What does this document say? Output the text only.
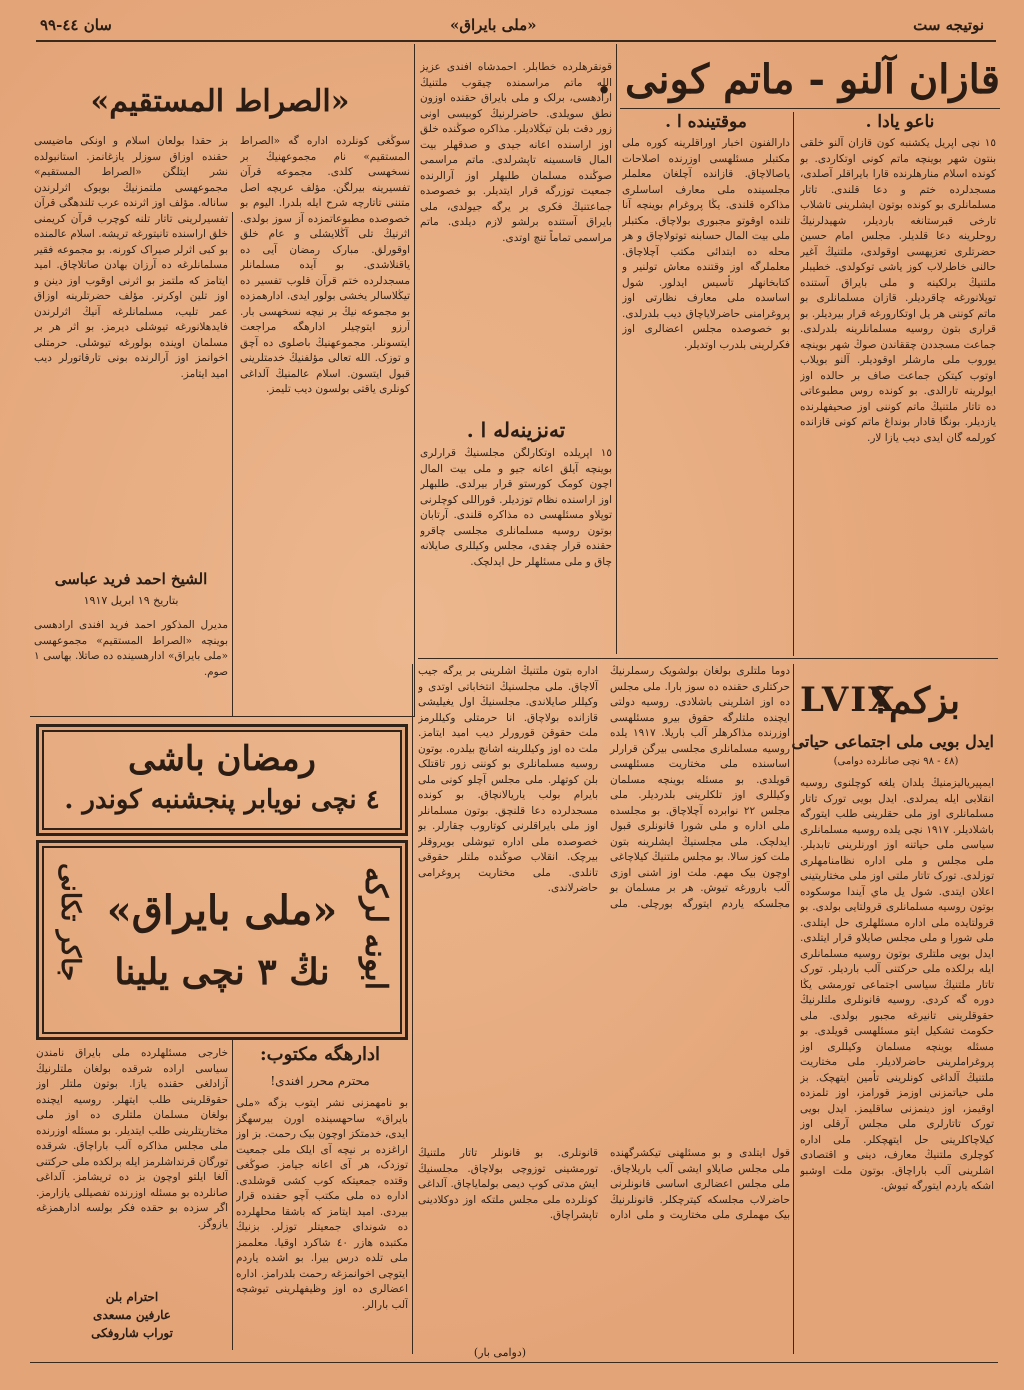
سان ٤٤-٩٩	«ملی بایراق»	نوتیجه ست
قازان آلنو - ماتم کونی .
ناعو یادا .
١٥ نچی اپریل یکشنبه کون قازان آلنو خلقی بنتون شهر بوینچه ماتم کونی اوتکاردی. بو کونده اسلام منارهلرنده قارا بایراقلر آصلدی، مسجدلرده ختم و دعا قلندی. تاتار مسلمانلری بو کونده بوتون ایشلرینی تاشلاب تارخی قبرستانغه باردیلر، شهیدلرنیڭ روحلرینه دعا قلدیلر. مجلس امام حسین حضرتلری تعزیهسی اوقولدی، ملتنیڭ آغیر حالنی خاطرلاب کوز یاشی توکولدی. خطیبلر ملتنیڭ برلکینه و ملی بایراق آستنده توپلانورغه چاقردیلر. قازان مسلمانلری بو ماتم کوننی هر یل اوتکارورغه قرار بیردیلر. بو قراری بتون روسیه مسلمانلرینه بلدرلدی. جماعت مسجددن چققاندن صوڭ شهر بوینچه یوروب ملی مارشلر اوقودیلر. آلنو بویلاب اوتوب کیتکن جماعت صاف بر حالده اوز ایولرینه تارالدی. بو کونده روس مطبوعاتی ده تاتار ملتنیڭ ماتم کوننی اوز صحیفهلرنده یازدیلر. بونگا قادار بونداغ ماتم کونی قازانده کورلمه گان ایدی دیب یازا لار.
موقتینده ا .
دارالفنون اخبار اوراقلرینه کوره ملی مکتبلر مسئلهسی اوزرنده اصلاحات یاصالاچاق. قازانده آچلغان معلملر مجلسینده ملی معارف اساسلری مذاکره قلندی. یڭا پروغرام بوینچه آنا تلنده اوقوتو مجبوری بولاچاق. مکتبلر ملی بیت المال حسابنه توتولاچاق و هر محله ده ابتدائی مکتب آچلاچاق. معلملرگه اوز وقتنده معاش تولنیر و کتابخانهلر تأسیس ایدلور. شول اساسده ملی معارف نظارتی اوز پروغرامنی حاضرلایاچاق دیب بلدرلدی. بو خصوصده مجلس اعضالری اوز فکرلرینی بلدرب اوتدیلر.
قونقرهلرده خطابلر. احمدشاه افندی عزیز الله ماتم مراسمنده چیقوب ملتنیڭ ارادهسی، برلک و ملی بایراق حقنده اوزون نطق سویلدی. حاضرلرنیڭ کوبیسی اونی زور دقت بلن تیڭلادیلر. مذاکره صوڭنده خلق اوز اراسنده اعانه جیدی و صدقهلر بیت المال قاسسینه تاپشرلدی. ماتم مراسمی صوڭنده مسلمان طلبهلر اوز آرالرنده جمعیت توزرگه قرار ایتدیلر. بو خصوصده جماعتنیڭ فکری بر یرگه جیولدی، ملی بایراق آستنده برلشو لازم دیلدی. ماتم مراسمی تماماً تنچ اوتدی.
تەنزینەلە ا .
١٥ اپریلده اوتکارلگن مجلسنیڭ قرارلری بوینچه آیلق اعانه جیو و ملی بیت المال اچون کومک کورستو قرار بیرلدی. طلبهلر اوز اراسنده نظام توزدیلر. قوراللی کوچلرنی توپلاو مسئلهسی ده مذاکره قلندی. آرتابان بوتون روسیه مسلمانلری مجلسی چاقرو حقنده قرار چقدی، مجلس وکیللری صایلانه چاق و ملی مسئلهلر حل ایدلچک.
«الصراط المستقیم»
سوڭغی کونلرده اداره گه «الصراط المستقیم» نام مجموعهنیڭ بر نسخهسی کلدی. مجموعه قرآن تفسیرینه بیرلگن. مؤلف عربچه اصل متننی تاتارچه شرح ایله بلدرا. الیوم بو خصوصده مطبوعاتمزده آز سوز بولدی. اثرنیڭ تلی آڭلایشلی و عام خلق اوقورلق. مبارک رمضان آیی ده یاقنلاشدی. بو آیده مسلمانلر مسجدلرده ختم قرآن قلوب تفسیر ده تیڭلاسالر یخشی بولور ایدی. ادارهمزده بو مجموعه نیڭ بر نیچه نسخهسی بار. آرزو ایتوچیلر ادارهگه مراجعت ایتسونلر. مجموعهنیڭ باصلوی ده آچق و توزک. الله تعالی مؤلفنیڭ خدمتلرینی قبول ایتسون. اسلام عالمنیڭ آلداغی کونلری یاقتی بولسون دیب تلیمز.
بز حقدا بولعان اسلام و اونکی ماضیسی حقنده اوزاق سوزلر یازغانمز. استانبولده نشر ایتلگن «الصراط المستقیم» مجموعهسی ملتمزنیڭ بویوک اثرلرندن ساناله. مؤلف اوز اثرنده عرب تلندهگی قرآن تفسیرلرینی تاتار تلنه کوچرب قرآن کریمنی خلق اراسنده تانیتورغه تریشه. اسلام عالمنده بو کبی اثرلر صیراک کورنه. بو مجموعه فقیر مسلمانلرغه ده آرزان بهادن صاتلاچاق. امید ایتامز که ملتمز بو اثرنی اوقوب اوز دینن و اوز تلین اوکرنر. مؤلف حضرتلرینه اوزاق عمر تلیب، مسلمانلرغه آنیڭ اثرلرندن فایدهلانورغه تیوشلی دیرمز. بو اثر هر بر مسلمان اوینده بولورغه تیوشلی. حرمتلی اخوانمز اوز آرالرنده بونی تارقاتورلر دیب امید ایتامز.
الشیخ احمد فرید عباسی
بتاریخ ۱۹ ابریل ۱۹۱۷
مدیرل المذکور احمد فرید افندی ارادهسی بوینچه «الصراط المستقیم» مجموعهسی «ملی بایراق» ادارهسینده ده صاتلا. بهاسی ١ صوم.
رمضان باشی
٤ نچی نویابر پنجشنبه کوندر .
ابونه لرکه
«ملی بایراق»
نڭ ٣ نچی یلینا
جاکر تکانی
خارجی مسئلهلرده ملی بایراق نامندن سیاسی اراده شرقده بولغان ملتلرنیڭ آزادلغی حقنده یازا. بوتون ملتلر اوز حقوقلرینی طلب ایتهلر. روسیه ایچنده بولغان مسلمان ملتلری ده اوز ملی مختاریتلرینی طلب ایتدیلر. بو مسئله اوزرنده ملی مجلس مذاکره آلب باراچاق. شرقده تورگان قرنداشلرمز ایله برلکده ملی حرکتنی آلغا ایلتو اوچون بز ده تریشامز. آلداغی صانلرده بو مسئله اوزرنده تفصیللی یازارمز. اگر سزده بو حقده فکر بولسه ادارهمزغه یازوگز.
احترام بلن
عارفین مسعدی
توراب شاروفکی
ادارهگه مکتوب:
محترم محرر افندی!
بو نامهمزنی نشر ایتوب بزگه «ملی بایراق» ساحهسینده اورن بیرسهگز ایدی، خدمتکز اوچون بیک رحمت. بز اوز اراغزده بر نیچه آی ایلک ملی جمعیت توزدک، هر آی اعانه جیامز. صوڭغی وقتده جمعیتکه کوب کشی قوشلدی. اداره ده ملی مکتب آچو حقنده قرار بیردی. امید ایتامز که باشقا محلهلرده ده شوندای جمعیتلر توزلر. بزنیڭ مکتبده هازر ٤٠ شاکرد اوقیا. معلممز ملی تلده درس بیرا. بو اشده یاردم ایتوچی اخوانمزغه رحمت بلدرامز. اداره اعضالری ده اوز وظیفهلرینی تیوشچه آلب بارالر.
دوما ملتلری بولغان بولشویک رسملرنیڭ حرکتلری حقنده ده سوز بارا. ملی مجلس ده اوز اشلرینی باشلادی. روسیه دولتی ایچنده ملتلرگه حقوق بیرو مسئلهسی اوزرنده مذاکرهلر آلب باریلا. ١٩١٧ یلده روسیه مسلمانلری مجلسی بیرگن قرارلر اساسنده ملی مختاریت مسئلهسی قویلدی. بو مسئله بوینچه مسلمان وکیللری اوز تلکلرینی بلدردیلر. ملی مجلس ٢٢ نوابرده آچلاچاق. بو مجلسده ملی اداره و ملی شورا قانونلری قبول ایدلچک. ملی مجلسنیڭ ایشلرینه بتون ملت کوز سالا. بو مجلس ملتنیڭ کیلاچاغی اوچون بیک مهم. ملت اوز اشنی اوزی آلب بارورغه تیوش. هر بر مسلمان بو مجلسکه یاردم ایتورگه بورچلی. ملی اداره بتون ملتنیڭ اشلرینی بر یرگه جیب آلاچاق. ملی مجلسنیڭ انتخاباتی اوتدی و وکیللر صایلاندی. مجلسنیڭ اول یغیلیشی قازانده بولاچاق. انا حرمتلی وکیللرمز ملت حقوقن قورورلر دیب امید ایتامز. ملت ده اوز وکیللرینه اشانچ بیلدره. بوتون روسیه مسلمانلری بو کوننی زور تاقتلک بلن کوتهلر. ملی مجلس آچلو کونی ملی بایرام بولب یاریالانچاق. بو کونده مسجدلرده دعا قلنچق. بوتون مسلمانلر اوز ملی بایراقلرنی کوتاروب چقارلر. بو خصوصده ملی اداره تیوشلی بویروقلر بیرچک. انقلاب صوڭنده ملتلر حقوقی تانلدی. ملی مختاریت پروغرامی حاضرلاندی.
قول ایتلدی و بو مسئلهنی تیکشرگهنده ملی مجلس صایلاو ایشی آلب باریلاچاق. ملی مجلس اعضالری اساسی قانونلرنی حاضرلاب مجلسکه کیترچکلر. قانونلرنیڭ بیک مهملری ملی مختاریت و ملی اداره قانونلری. بو قانونلر تاتار ملتنیڭ تورمشینی توزوچی بولاچاق. مجلسنیڭ ایش مدتی کوپ دیمی بولمایاچاق. آلداغی کونلرده ملی مجلس ملتکه اوز دوکلادینی تاپشراچاق.
(دوامی بار)
بزکم؟
LVIX
ایدل بویی ملی اجتماعی حیاتی
(٤٨ - ٩٨ نچی صانلرده دوامی)
ایمپیریالیزمنیڭ یلدان یلغه کوچلنوی روسیه انقلابی ایله یمرلدی. ایدل بویی تورک تاتار مسلمانلری اوز ملی حقلرینی طلب ایتورگه باشلادیلر. ١٩١٧ نچی یلده روسیه مسلمانلری سیاسی ملی حیاتنه اوز اورنلرینی تابدیلر. ملی مجلس و ملی اداره نظامنامهلری توزلدی. تورک تاتار ملتی اوز ملی مختاریتینی اعلان ایتدی. شول یل ماي آیندا موسکوده بوتون روسیه مسلمانلری قرولتایی بولدی. بو قرولتایده ملی اداره مسئلهلری حل ایتلدی. ملی شورا و ملی مجلس صایلاو قرار ایتلدی. ایدل بویی ملتلری بوتون روسیه مسلمانلری ایله برلکده ملی حرکتنی آلب باردیلر. تورک تاتار ملتنیڭ سیاسی اجتماعی تورمشی یڭا دوره گه کردی. روسیه قانونلری ملتلرنیڭ حقوقلرینی تانیرغه مجبور بولدی. ملی حکومت تشکیل ایتو مسئلهسی قویلدی. بو مسئله بوینچه مسلمان وکیللری اوز پروغراملرینی حاضرلادیلر. ملی مختاریت ملتنیڭ آلداغی کونلرینی تأمین ایتهچک. بز ملی حیاتمزنی اوزمز قورامز، اوز تلمزده اوقیمز، اوز دینمزنی ساقلیمز. ایدل بویی تورک تاتارلری ملی مجلس آرقلی اوز کیلاچاکلرینی حل ایتهچکلر. ملی اداره کوچلری ملتنیڭ معارف، دینی و اقتصادی اشلرینی آلب باراچاق. بوتون ملت اوشبو اشکه یاردم ایتورگه تیوش.
